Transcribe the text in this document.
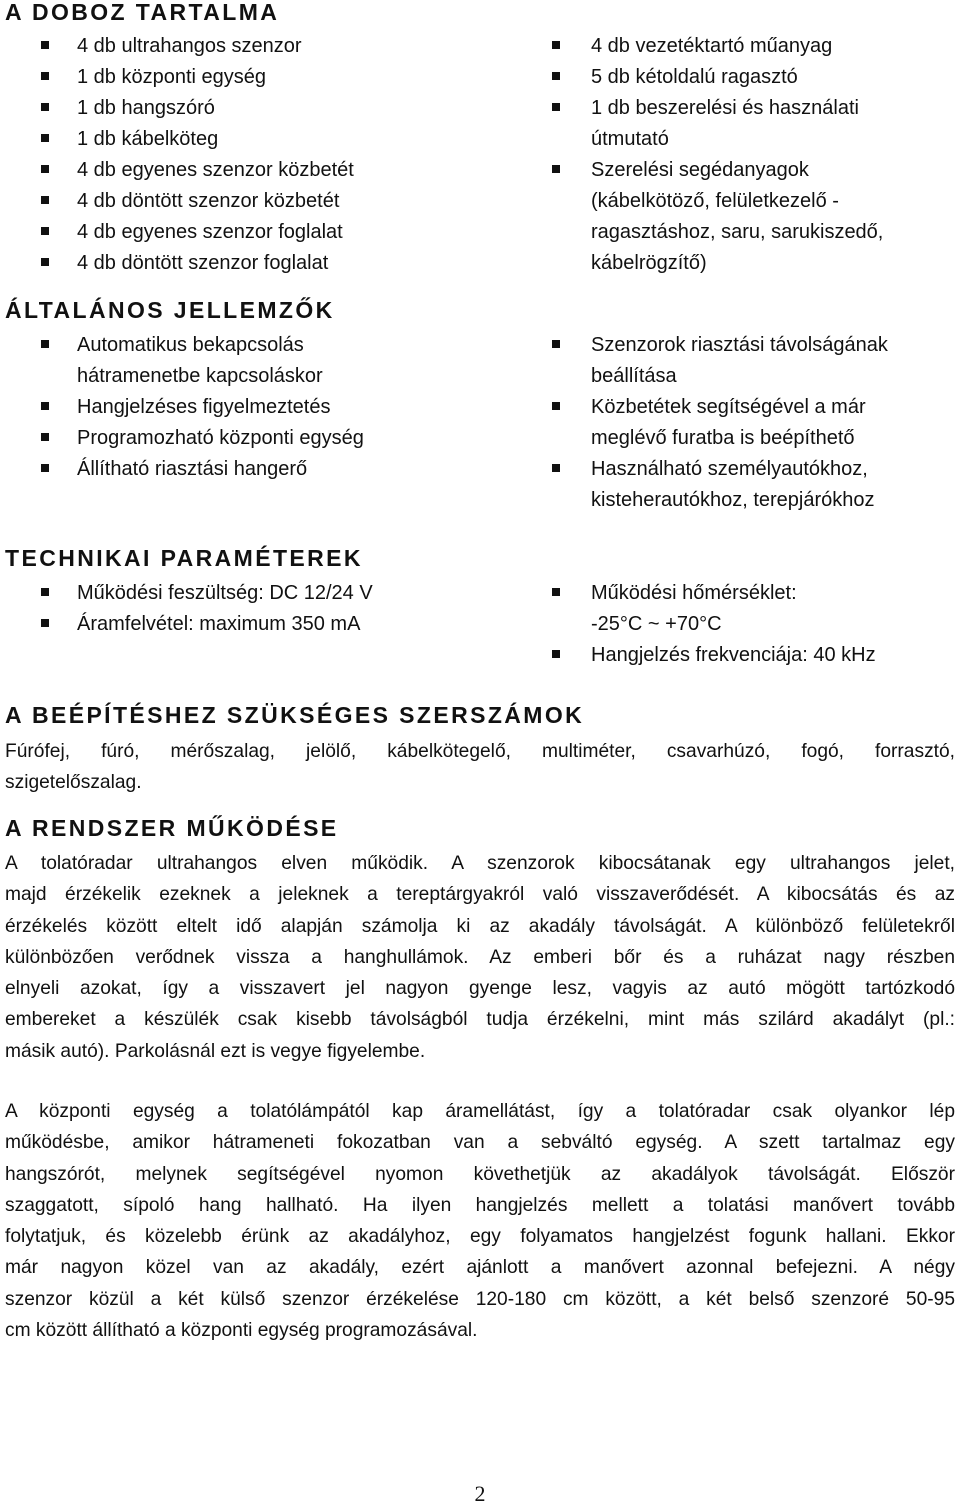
A DOBOZ TARTALMA
4 db ultrahangos szenzor
1 db központi egység
1 db hangszóró
1 db kábelköteg
4 db egyenes szenzor közbetét
4 db döntött szenzor közbetét
4 db egyenes szenzor foglalat
4 db döntött szenzor foglalat
4 db vezetéktartó műanyag
5 db kétoldalú ragasztó
1 db beszerelési és használati
útmutató
Szerelési segédanyagok
(kábelkötöző, felületkezelő -
ragasztáshoz, saru, sarukiszedő,
kábelrögzítő)
ÁLTALÁNOS JELLEMZŐK
Automatikus bekapcsolás
hátramenetbe kapcsoláskor
Hangjelzéses figyelmeztetés
Programozható központi egység
Állítható riasztási hangerő
Szenzorok riasztási távolságának
beállítása
Közbetétek segítségével a már
meglévő furatba is beépíthető
Használható személyautókhoz,
kisteherautókhoz, terepjárókhoz
TECHNIKAI PARAMÉTEREK
Működési feszültség: DC 12/24 V
Áramfelvétel: maximum 350 mA
Működési hőmérséklet:
-25°C ~ +70°C
Hangjelzés frekvenciája: 40 kHz
A BEÉPÍTÉSHEZ SZÜKSÉGES SZERSZÁMOK

Fúrófej, fúró, mérőszalag, jelölő, kábelkötegelő, multiméter, csavarhúzó, fogó, forrasztó,
szigetelőszalag.

A RENDSZER MŰKÖDÉSE

A tolatóradar ultrahangos elven működik. A szenzorok kibocsátanak egy ultrahangos jelet,
majd érzékelik ezeknek a jeleknek a tereptárgyakról való visszaverődését. A kibocsátás és az
érzékelés között eltelt idő alapján számolja ki az akadály távolságát. A különböző felületekről
különbözően verődnek vissza a hanghullámok. Az emberi bőr és a ruházat nagy részben
elnyeli azokat, így a visszavert jel nagyon gyenge lesz, vagyis az autó mögött tartózkodó
embereket a készülék csak kisebb távolságból tudja érzékelni, mint más szilárd akadályt (pl.:
másik autó). Parkolásnál ezt is vegye figyelembe.

A központi egység a tolatólámpától kap áramellátást, így a tolatóradar csak olyankor lép
működésbe, amikor hátrameneti fokozatban van a sebváltó egység. A szett tartalmaz egy
hangszórót, melynek segítségével nyomon követhetjük az akadályok távolságát. Először
szaggatott, sípoló hang hallható. Ha ilyen hangjelzés mellett a tolatási manővert tovább
folytatjuk, és közelebb érünk az akadályhoz, egy folyamatos hangjelzést fogunk hallani. Ekkor
már nagyon közel van az akadály, ezért ajánlott a manővert azonnal befejezni. A négy
szenzor közül a két külső szenzor érzékelése 120-180 cm között, a két belső szenzoré 50-95
cm között állítható a központi egység programozásával.

2
